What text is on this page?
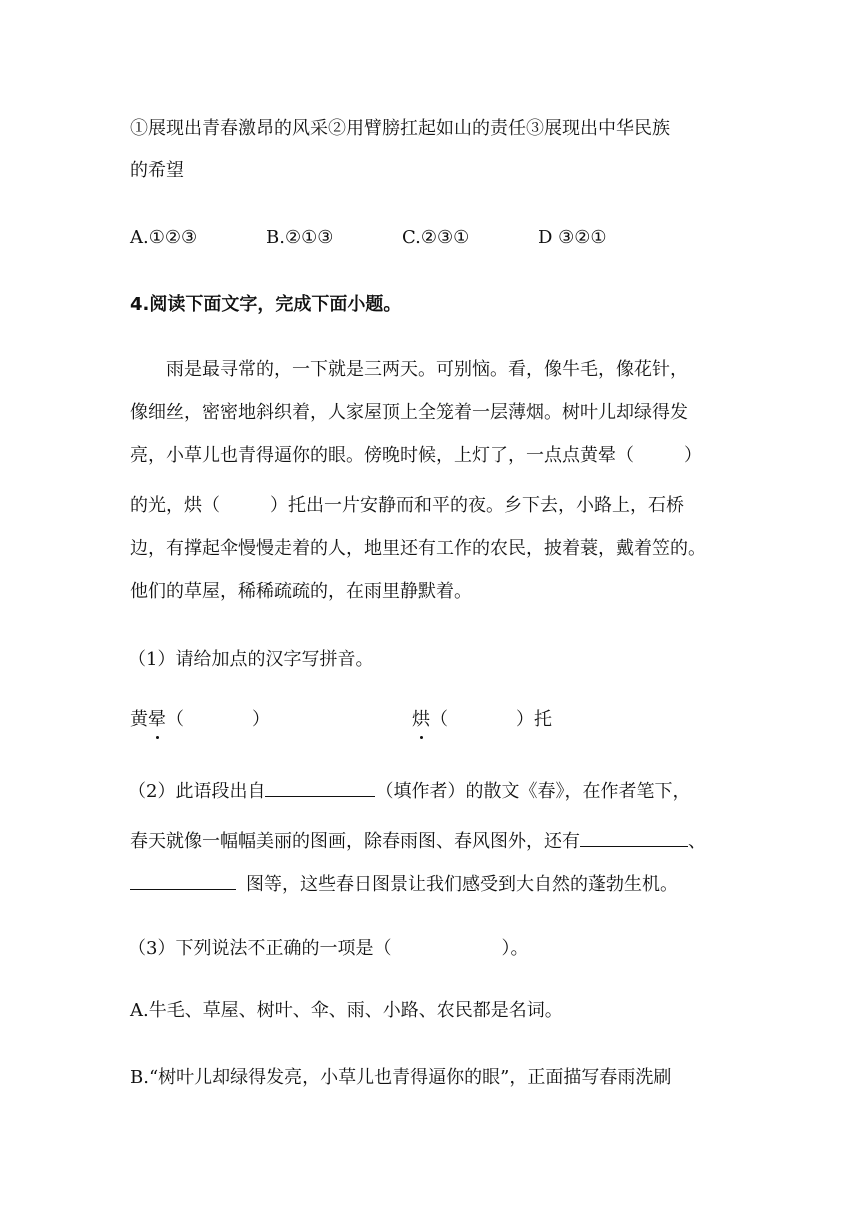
①展现出青春激昂的风采②用臂膀扛起如山的责任③展现出中华民族
的希望
A.①②③	B.②①③	C.②③①	D ③②①
4.阅读下面文字，完成下面小题。
雨是最寻常的，一下就是三两天。可别恼。看，像牛毛，像花针，
像细丝，密密地斜织着，人家屋顶上全笼着一层薄烟。树叶儿却绿得发
亮，小草儿也青得逼你的眼。傍晚时候，上灯了，一点点黄晕（	）
的光，烘（	）托出一片安静而和平的夜。乡下去，小路上，石桥
边，有撑起伞慢慢走着的人，地里还有工作的农民，披着蓑，戴着笠的。
他们的草屋，稀稀疏疏的，在雨里静默着。
（1）请给加点的汉字写拼音。
黄晕（	）	烘（	）托
（2）此语段出自	（填作者）的散文《春》，在作者笔下，
春天就像一幅幅美丽的图画，除春雨图、春风图外，还有	、
图等，这些春日图景让我们感受到大自然的蓬勃生机。
（3）下列说法不正确的一项是（	）。
A.牛毛、草屋、树叶、伞、雨、小路、农民都是名词。
B.“树叶儿却绿得发亮，小草儿也青得逼你的眼”，正面描写春雨洗刷
